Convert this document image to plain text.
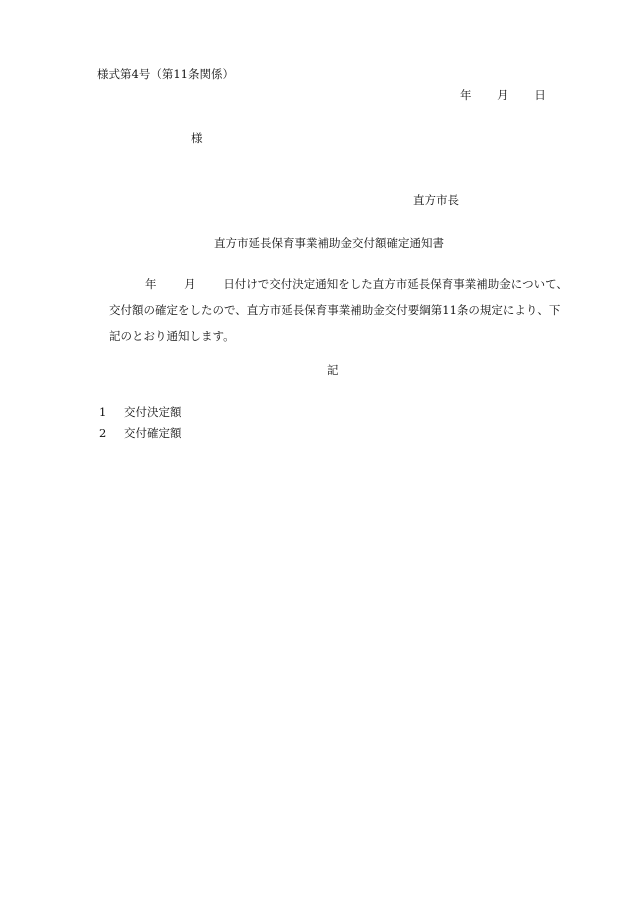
様式第4号（第11条関係）
年 月 日
様
直方市長
直方市延長保育事業補助金交付額確定通知書
年 月 日付けで交付決定通知をした直方市延長保育事業補助金について、
交付額の確定をしたので、直方市延長保育事業補助金交付要綱第11条の規定により、下
記のとおり通知します。
記
1 交付決定額
2 交付確定額
